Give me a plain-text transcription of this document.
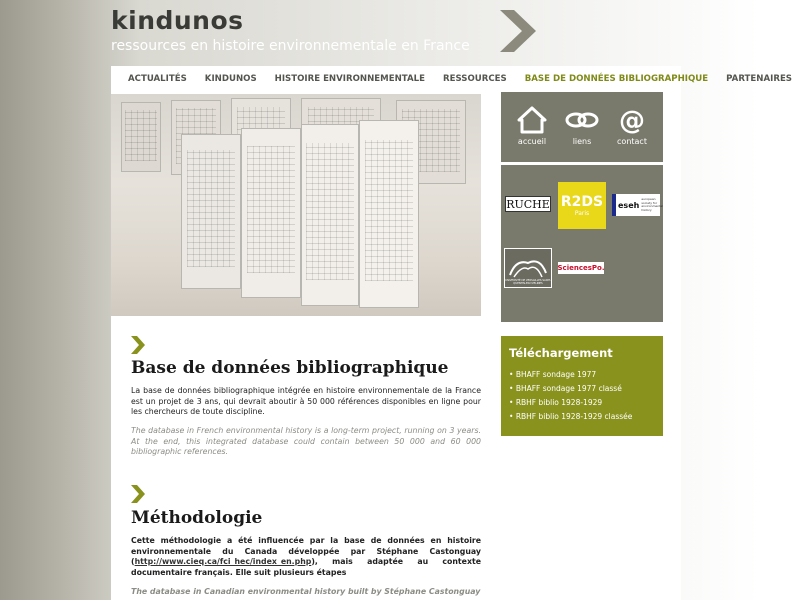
kindunos
ressources en histoire environnementale en France
ACTUALITÉS	KINDUNOS	HISTOIRE ENVIRONNEMENTALE	RESSOURCES	BASE DE DONNÉES BIBLIOGRAPHIQUE	PARTENAIRES
accueil	liens
@
contact
RUCHE R2DS
Paris
eseh
european society for environmental history
UNIVERSITÉ DE VERSAILLES SAINT-QUENTIN-EN-YVELINES
SciencesPo.
Téléchargement
• BHAFF sondage 1977
• BHAFF sondage 1977 classé
• RBHF biblio 1928-1929
• RBHF biblio 1928-1929 classée
Base de données bibliographique
La base de données bibliographique intégrée en histoire environnementale de la France est un projet de 3 ans, qui devrait aboutir à 50 000 références disponibles en ligne pour les chercheurs de toute discipline.
The database in French environmental history is a long-term project, running on 3 years. At the end, this integrated database could contain between 50 000 and 60 000 bibliographic references.
Méthodologie
Cette méthodologie a été influencée par la base de données en histoire environnementale du Canada développée par Stéphane Castonguay (http://www.cieq.ca/fci_hec/index_en.php), mais adaptée au contexte documentaire français. Elle suit plusieurs étapes
The database in Canadian environmental history built by Stéphane Castonguay
